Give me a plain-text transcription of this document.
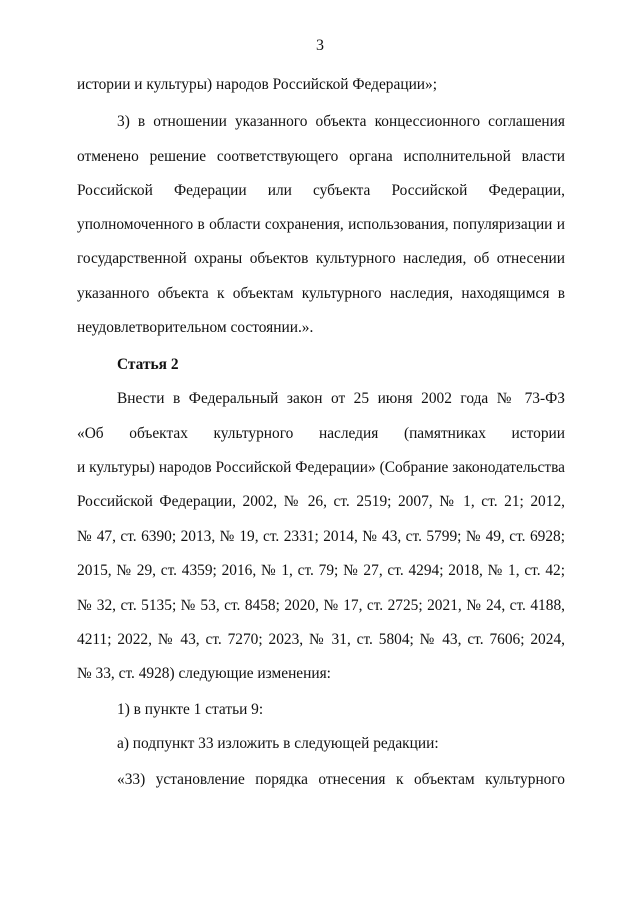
3
истории и культуры) народов Российской Федерации»;
3) в отношении указанного объекта концессионного соглашения
отменено решение соответствующего органа исполнительной власти
Российской Федерации или субъекта Российской Федерации,
уполномоченного в области сохранения, использования, популяризации и
государственной охраны объектов культурного наследия, об отнесении
указанного объекта к объектам культурного наследия, находящимся в
неудовлетворительном состоянии.».
Статья 2
Внести в Федеральный закон от 25 июня 2002 года № 73-ФЗ
«Об объектах культурного наследия (памятниках истории
и культуры) народов Российской Федерации» (Собрание законодательства
Российской Федерации, 2002, № 26, ст. 2519; 2007, № 1, ст. 21; 2012,
№ 47, ст. 6390; 2013, № 19, ст. 2331; 2014, № 43, ст. 5799; № 49, ст. 6928;
2015, № 29, ст. 4359; 2016, № 1, ст. 79; № 27, ст. 4294; 2018, № 1, ст. 42;
№ 32, ст. 5135; № 53, ст. 8458; 2020, № 17, ст. 2725; 2021, № 24, ст. 4188,
4211; 2022, № 43, ст. 7270; 2023, № 31, ст. 5804; № 43, ст. 7606; 2024,
№ 33, ст. 4928) следующие изменения:
1) в пункте 1 статьи 9:
а) подпункт 33 изложить в следующей редакции:
«33) установление порядка отнесения к объектам культурного
